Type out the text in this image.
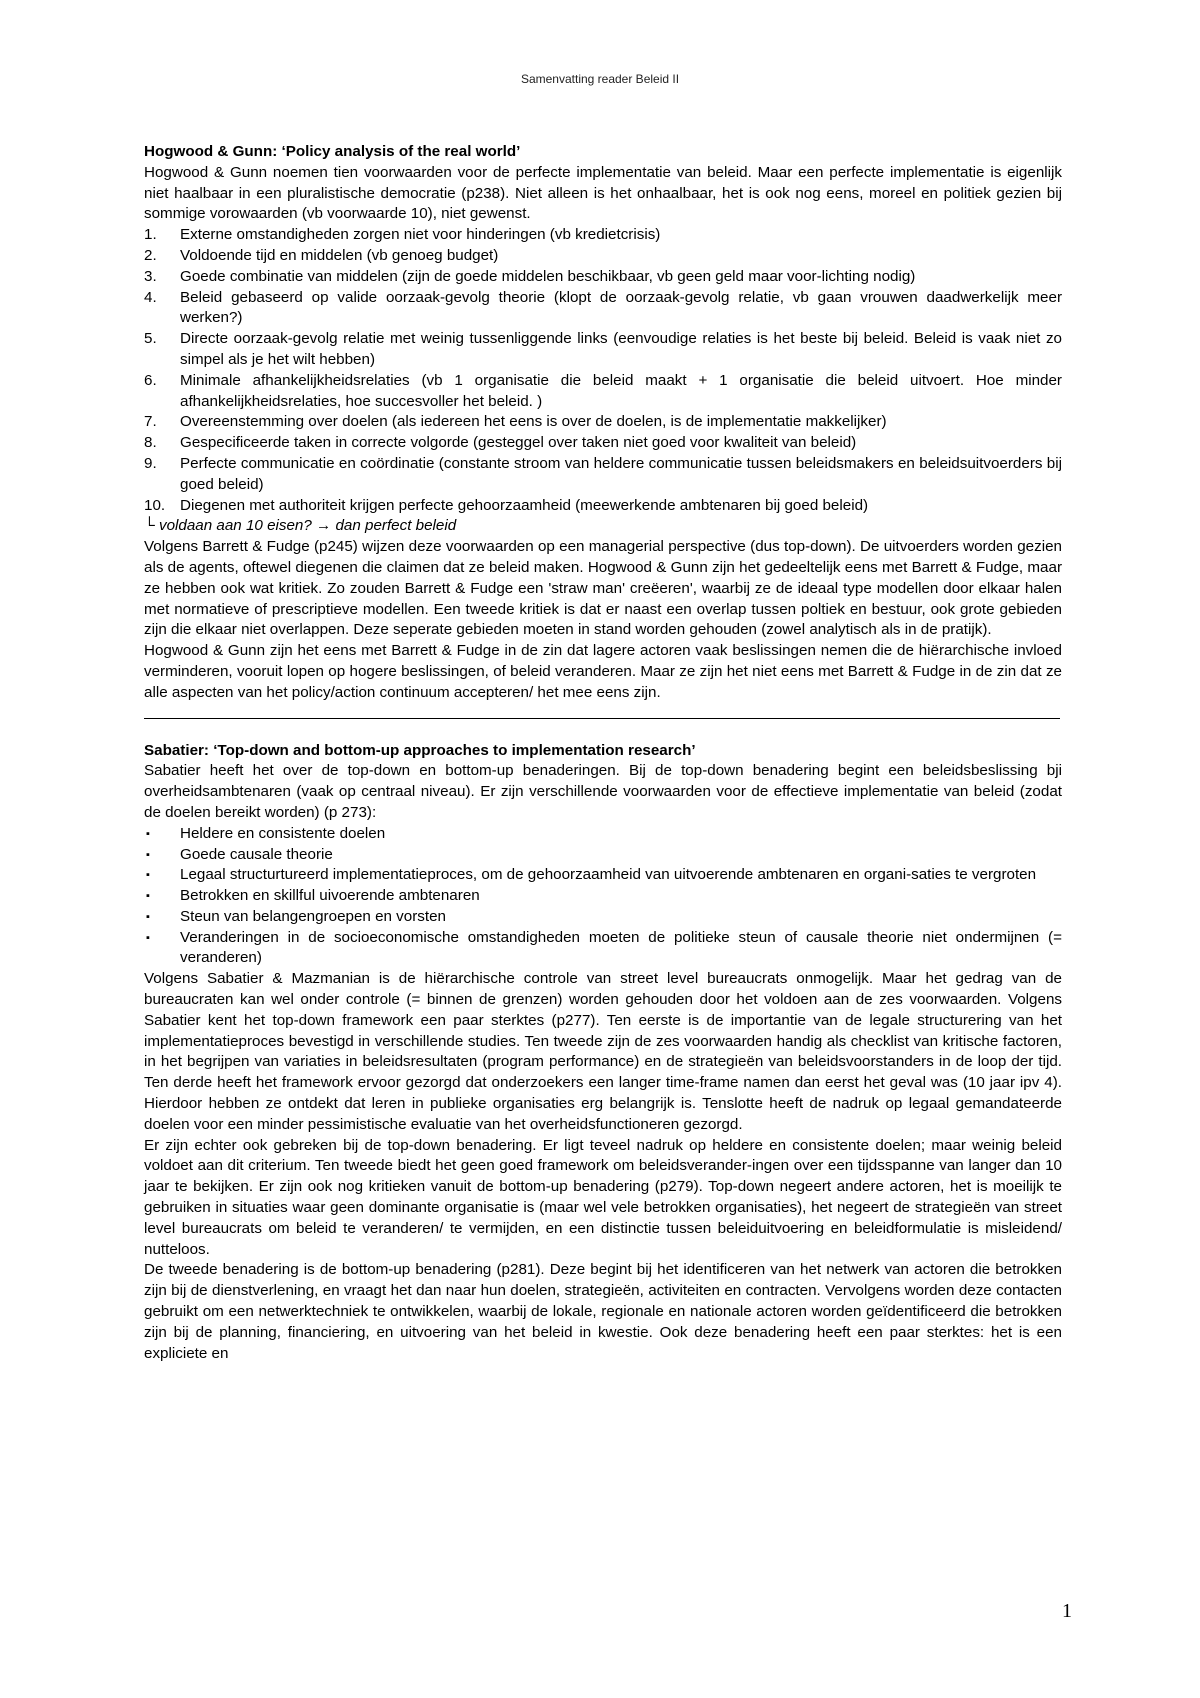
Samenvatting reader Beleid II

Hogwood & Gunn: ‘Policy analysis of the real world’

Hogwood & Gunn noemen tien voorwaarden voor de perfecte implementatie van beleid. Maar een perfecte implementatie is eigenlijk niet haalbaar in een pluralistische democratie (p238). Niet alleen is het onhaalbaar, het is ook nog eens, moreel en politiek gezien bij sommige vorowaarden (vb voorwaarde 10), niet gewenst.

1. Externe omstandigheden zorgen niet voor hinderingen (vb kredietcrisis)
2. Voldoende tijd en middelen (vb genoeg budget)
3. Goede combinatie van middelen (zijn de goede middelen beschikbaar, vb geen geld maar voor-lichting nodig)
4. Beleid gebaseerd op valide oorzaak-gevolg theorie (klopt de oorzaak-gevolg relatie, vb gaan vrouwen daadwerkelijk meer werken?)
5. Directe oorzaak-gevolg relatie met weinig tussenliggende links (eenvoudige relaties is het beste bij beleid. Beleid is vaak niet zo simpel als je het wilt hebben)
6. Minimale afhankelijkheidsrelaties (vb 1 organisatie die beleid maakt + 1 organisatie die beleid uitvoert. Hoe minder afhankelijkheidsrelaties, hoe succesvoller het beleid. )
7. Overeenstemming over doelen (als iedereen het eens is over de doelen, is de implementatie makkelijker)
8. Gespecificeerde taken in correcte volgorde (gesteggel over taken niet goed voor kwaliteit van beleid)
9. Perfecte communicatie en coördinatie (constante stroom van heldere communicatie tussen beleidsmakers en beleidsuitvoerders bij goed beleid)
10. Diegenen met authoriteit krijgen perfecte gehoorzaamheid (meewerkende ambtenaren bij goed beleid)

└ voldaan aan 10 eisen? → dan perfect beleid

Volgens Barrett & Fudge (p245) wijzen deze voorwaarden op een managerial perspective (dus top-down). De uitvoerders worden gezien als de agents, oftewel diegenen die claimen dat ze beleid maken. Hogwood & Gunn zijn het gedeeltelijk eens met Barrett & Fudge, maar ze hebben ook wat kritiek. Zo zouden Barrett & Fudge een 'straw man' creëeren', waarbij ze de ideaal type modellen door elkaar halen met normatieve of prescriptieve modellen. Een tweede kritiek is dat er naast een overlap tussen poltiek en bestuur, ook grote gebieden zijn die elkaar niet overlappen. Deze seperate gebieden moeten in stand worden gehouden (zowel analytisch als in de pratijk).

Hogwood & Gunn zijn het eens met Barrett & Fudge in de zin dat lagere actoren vaak beslissingen nemen die de hiërarchische invloed verminderen, vooruit lopen op hogere beslissingen, of beleid veranderen. Maar ze zijn het niet eens met Barrett & Fudge in de zin dat ze alle aspecten van het policy/action continuum accepteren/ het mee eens zijn.

Sabatier: ‘Top-down and bottom-up approaches to implementation research’

Sabatier heeft het over de top-down en bottom-up benaderingen. Bij de top-down benadering begint een beleidsbeslissing bji overheidsambtenaren (vaak op centraal niveau). Er zijn verschillende voorwaarden voor de effectieve implementatie van beleid (zodat de doelen bereikt worden) (p 273):

▪ Heldere en consistente doelen
▪ Goede causale theorie
▪ Legaal structurtureerd implementatieproces, om de gehoorzaamheid van uitvoerende ambtenaren en organi-saties te vergroten
▪ Betrokken en skillful uivoerende ambtenaren
▪ Steun van belangengroepen en vorsten
▪ Veranderingen in de socioeconomische omstandigheden moeten de politieke steun of causale theorie niet ondermijnen (= veranderen)

Volgens Sabatier & Mazmanian is de hiërarchische controle van street level bureaucrats onmogelijk. Maar het gedrag van de bureaucraten kan wel onder controle (= binnen de grenzen) worden gehouden door het voldoen aan de zes voorwaarden. Volgens Sabatier kent het top-down framework een paar sterktes (p277). Ten eerste is de importantie van de legale structurering van het implementatieproces bevestigd in verschillende studies. Ten tweede zijn de zes voorwaarden handig als checklist van kritische factoren, in het begrijpen van variaties in beleidsresultaten (program performance) en de strategieën van beleidsvoorstanders in de loop der tijd. Ten derde heeft het framework ervoor gezorgd dat onderzoekers een langer time-frame namen dan eerst het geval was (10 jaar ipv 4). Hierdoor hebben ze ontdekt dat leren in publieke organisaties erg belangrijk is. Tenslotte heeft de nadruk op legaal gemandateerde doelen voor een minder pessimistische evaluatie van het overheidsfunctioneren gezorgd.

Er zijn echter ook gebreken bij de top-down benadering. Er ligt teveel nadruk op heldere en consistente doelen; maar weinig beleid voldoet aan dit criterium. Ten tweede biedt het geen goed framework om beleidsverander-ingen over een tijdsspanne van langer dan 10 jaar te bekijken. Er zijn ook nog kritieken vanuit de bottom-up benadering (p279). Top-down negeert andere actoren, het is moeilijk te gebruiken in situaties waar geen dominante organisatie is (maar wel vele betrokken organisaties), het negeert de strategieën van street level bureaucrats om beleid te veranderen/ te vermijden, en een distinctie tussen beleiduitvoering en beleidformulatie is misleidend/ nutteloos.

De tweede benadering is de bottom-up benadering (p281). Deze begint bij het identificeren van het netwerk van actoren die betrokken zijn bij de dienstverlening, en vraagt het dan naar hun doelen, strategieën, activiteiten en contracten. Vervolgens worden deze contacten gebruikt om een netwerktechniek te ontwikkelen, waarbij de lokale, regionale en nationale actoren worden geïdentificeerd die betrokken zijn bij de planning, financiering, en uitvoering van het beleid in kwestie. Ook deze benadering heeft een paar sterktes: het is een expliciete en

1
